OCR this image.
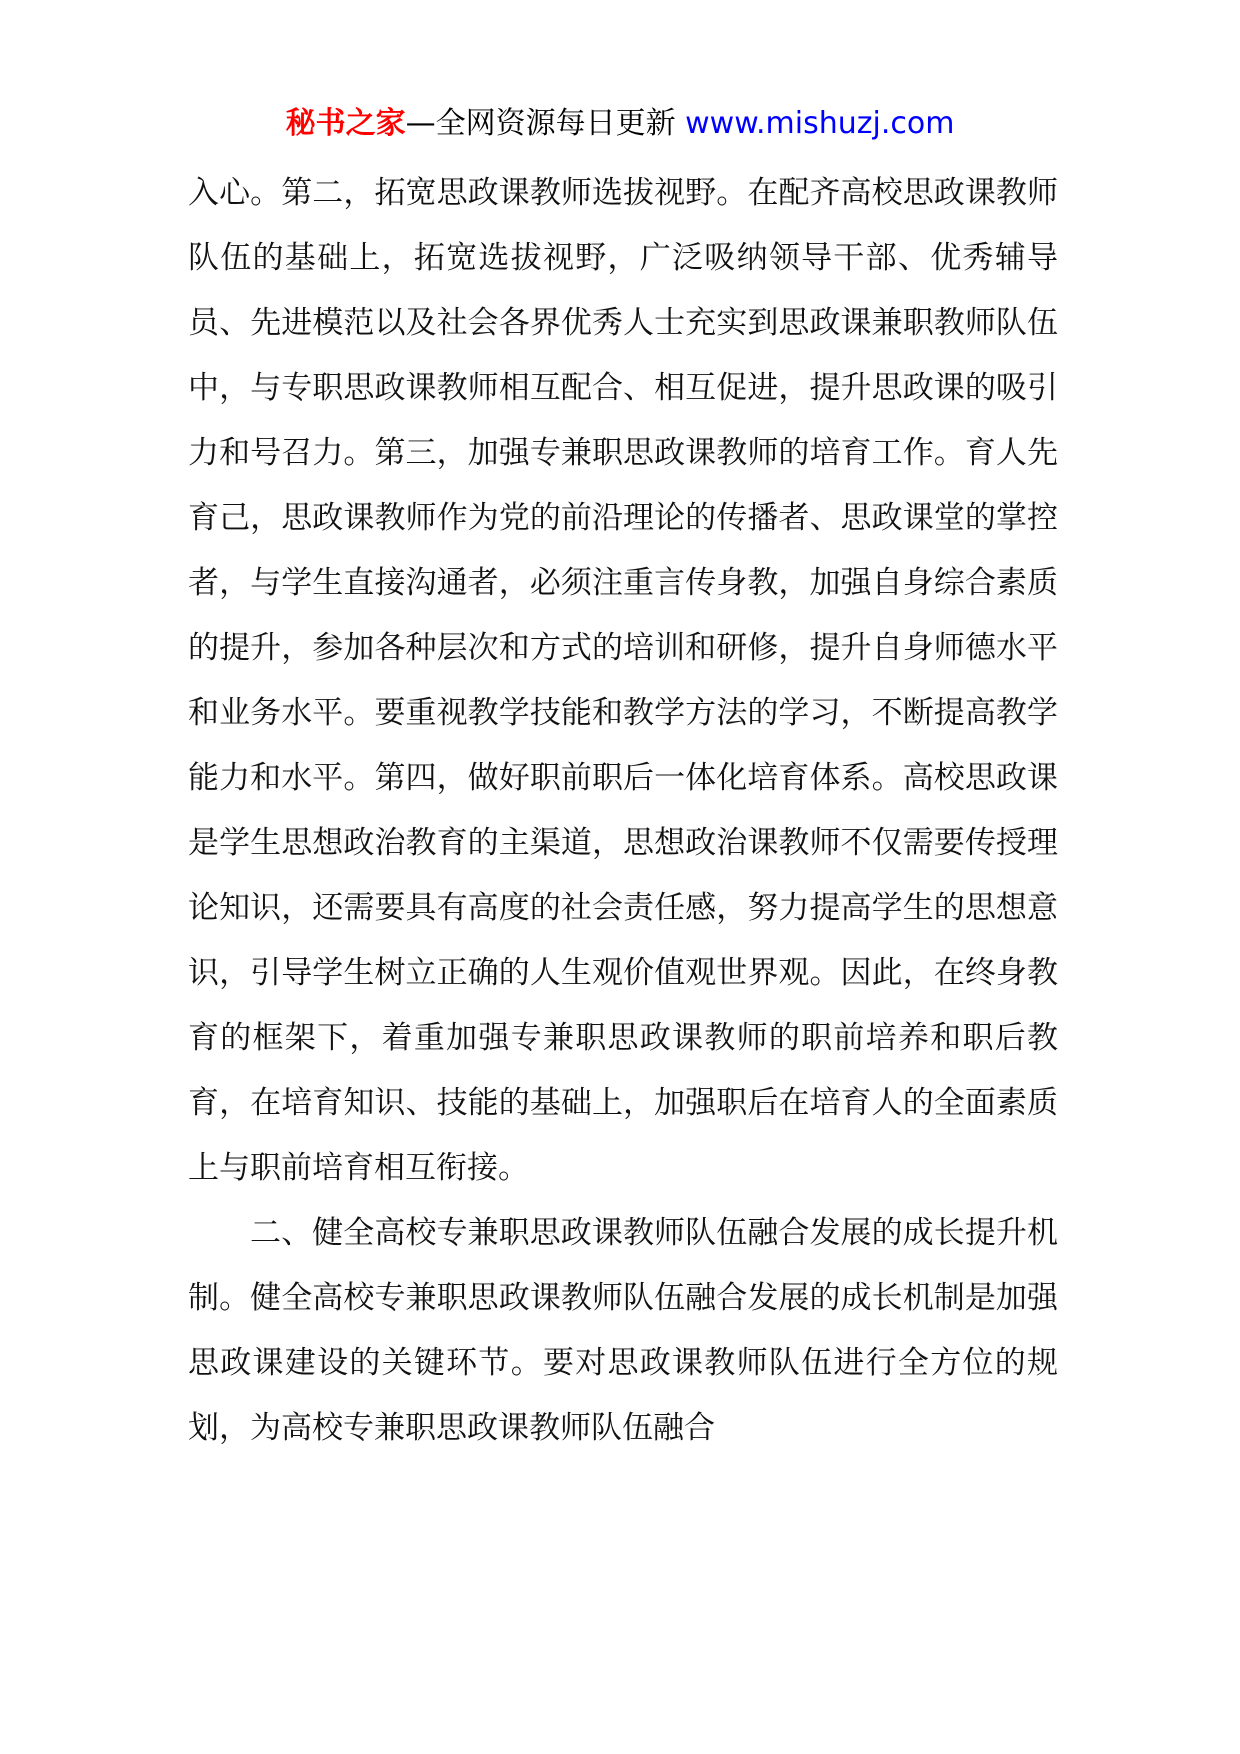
秘书之家—全网资源每日更新 www.mishuzj.com

入心。第二，拓宽思政课教师选拔视野。在配齐高校思政课教师队伍的基础上，拓宽选拔视野，广泛吸纳领导干部、优秀辅导员、先进模范以及社会各界优秀人士充实到思政课兼职教师队伍中，与专职思政课教师相互配合、相互促进，提升思政课的吸引力和号召力。第三，加强专兼职思政课教师的培育工作。育人先育己，思政课教师作为党的前沿理论的传播者、思政课堂的掌控者，与学生直接沟通者，必须注重言传身教，加强自身综合素质的提升，参加各种层次和方式的培训和研修，提升自身师德水平和业务水平。要重视教学技能和教学方法的学习，不断提高教学能力和水平。第四，做好职前职后一体化培育体系。高校思政课是学生思想政治教育的主渠道，思想政治课教师不仅需要传授理论知识，还需要具有高度的社会责任感，努力提高学生的思想意识，引导学生树立正确的人生观价值观世界观。因此，在终身教育的框架下，着重加强专兼职思政课教师的职前培养和职后教育，在培育知识、技能的基础上，加强职后在培育人的全面素质上与职前培育相互衔接。

二、健全高校专兼职思政课教师队伍融合发展的成长提升机制。健全高校专兼职思政课教师队伍融合发展的成长机制是加强思政课建设的关键环节。要对思政课教师队伍进行全方位的规划，为高校专兼职思政课教师队伍融合
